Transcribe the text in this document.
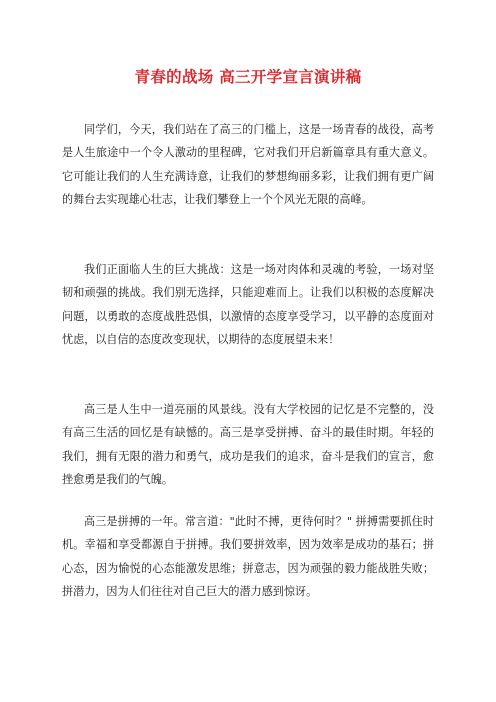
青春的战场 高三开学宣言演讲稿

同学们，今天，我们站在了高三的门槛上，这是一场青春的战役，高考是人生旅途中一个令人激动的里程碑，它对我们开启新篇章具有重大意义。它可能让我们的人生充满诗意，让我们的梦想绚丽多彩，让我们拥有更广阔的舞台去实现雄心壮志，让我们攀登上一个个风光无限的高峰。

我们正面临人生的巨大挑战：这是一场对肉体和灵魂的考验，一场对坚韧和顽强的挑战。我们别无选择，只能迎难而上。让我们以积极的态度解决问题，以勇敢的态度战胜恐惧，以激情的态度享受学习，以平静的态度面对忧虑，以自信的态度改变现状，以期待的态度展望未来！

高三是人生中一道亮丽的风景线。没有大学校园的记忆是不完整的，没有高三生活的回忆是有缺憾的。高三是享受拼搏、奋斗的最佳时期。年轻的我们，拥有无限的潜力和勇气，成功是我们的追求，奋斗是我们的宣言，愈挫愈勇是我们的气魄。

高三是拼搏的一年。常言道："此时不搏，更待何时？" 拼搏需要抓住时机。幸福和享受都源自于拼搏。我们要拼效率，因为效率是成功的基石；拼心态，因为愉悦的心态能激发思维；拼意志，因为顽强的毅力能战胜失败；拼潜力，因为人们往往对自己巨大的潜力感到惊讶。
